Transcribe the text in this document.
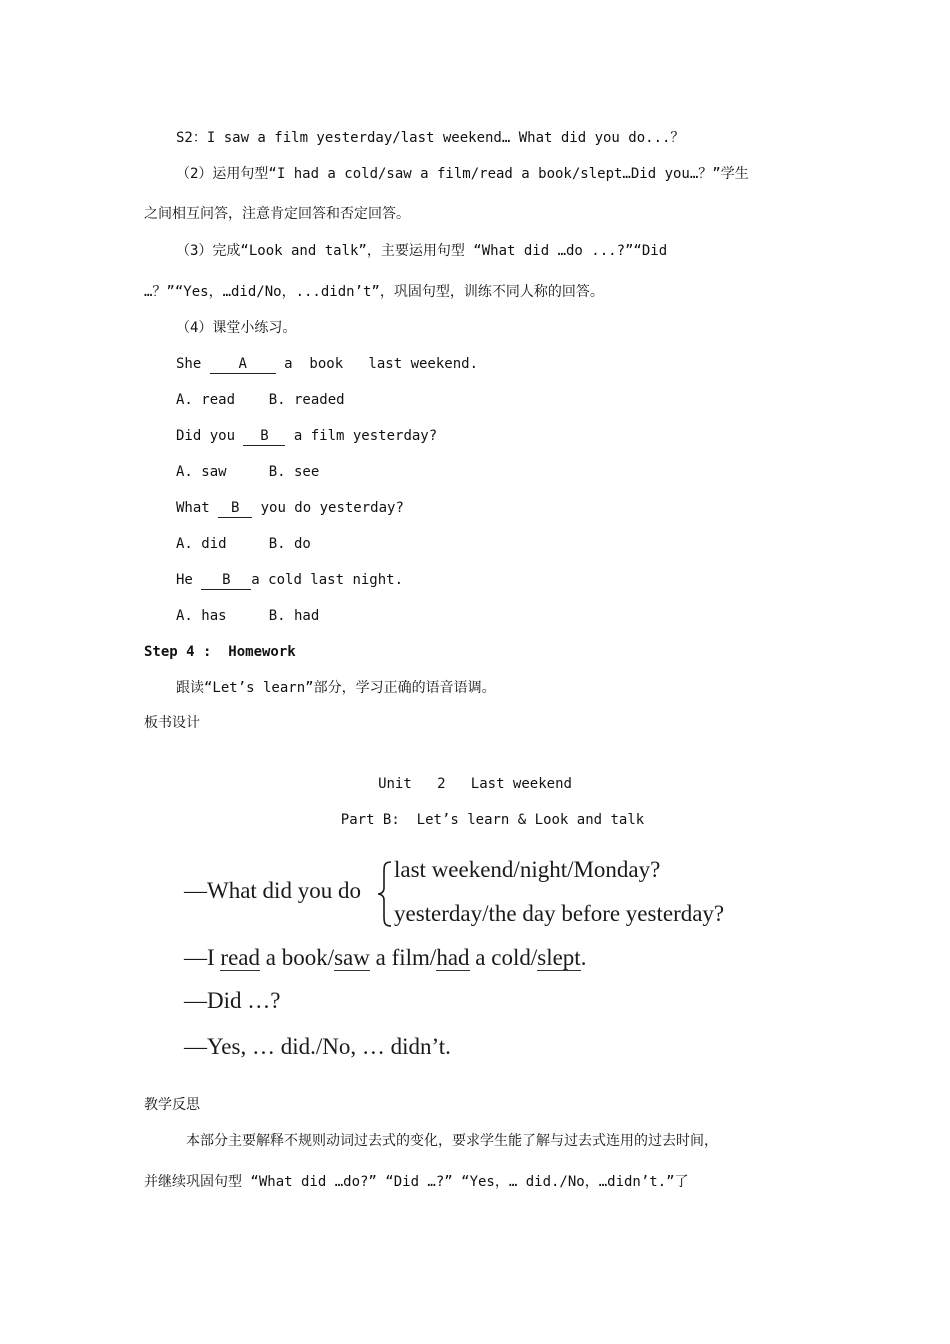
S2：I saw a film yesterday/last weekend… What did you do...？
（2）运用句型“I had a cold/saw a film/read a book/slept…Did you…？”学生
之间相互问答，注意肯定回答和否定回答。
（3）完成“Look and talk”，主要运用句型 “What did …do ...?”“Did
…？”“Yes，…did/No，...didn’t”，巩固句型，训练不同人称的回答。
（4）课堂小练习。
She A a  book   last weekend.
A. read    B. readed
Did you B a film yesterday?
A. saw     B. see
What B you do yesterday?
A. did     B. do
He B a cold last night.
A. has     B. had
Step 4 :  Homework
跟读“Let’s learn”部分，学习正确的语音语调。
板书设计
Unit   2   Last weekend
Part B:  Let’s learn & Look and talk
—What did you do
last weekend/night/Monday?
yesterday/the day before yesterday?
—I read a book/saw a film/had a cold/slept.
—Did …?
—Yes, … did./No, … didn’t.
教学反思
本部分主要解释不规则动词过去式的变化，要求学生能了解与过去式连用的过去时间，
并继续巩固句型 “What did …do?” “Did …?” “Yes，… did./No，…didn’t.”了
